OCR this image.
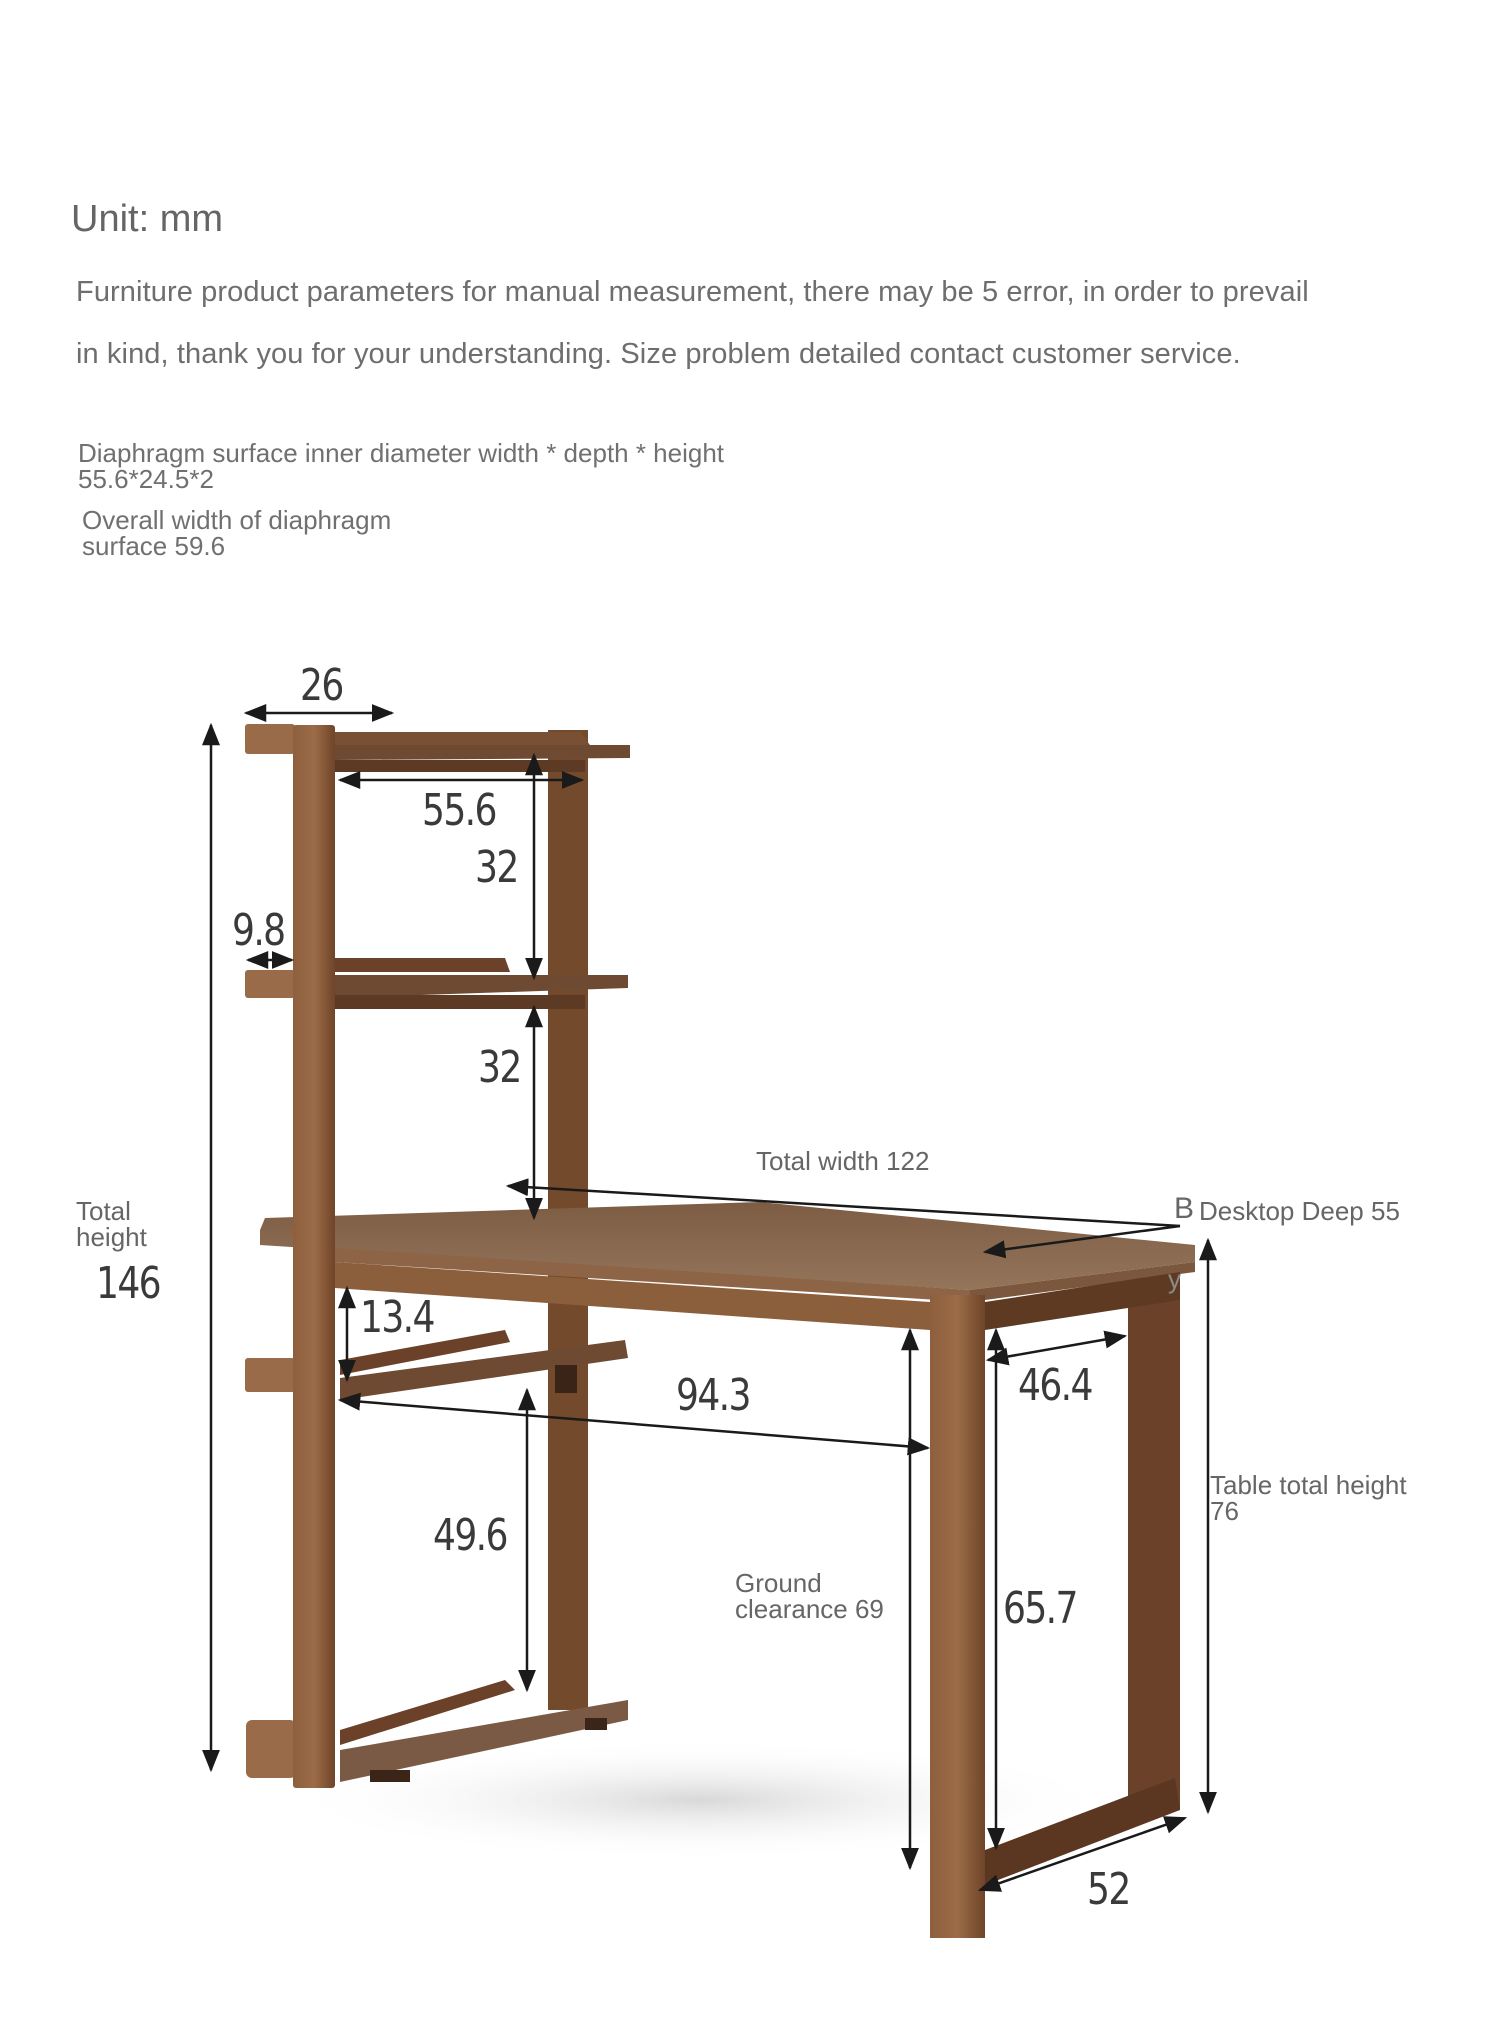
Unit: mm
Furniture product parameters for manual measurement, there may be 5 error, in order to prevail
in kind, thank you for your understanding. Size problem detailed contact customer service.
Diaphragm surface inner diameter width * depth * height
55.6*24.5*2
Overall width of diaphragm
surface 59.6
26
55.6
32
9.8
32
146
13.4
94.3	46.4
49.6
65.7
52
Total
height
Total width 122
B Desktop Deep 55
y
Table total height
76
Ground
clearance 69
